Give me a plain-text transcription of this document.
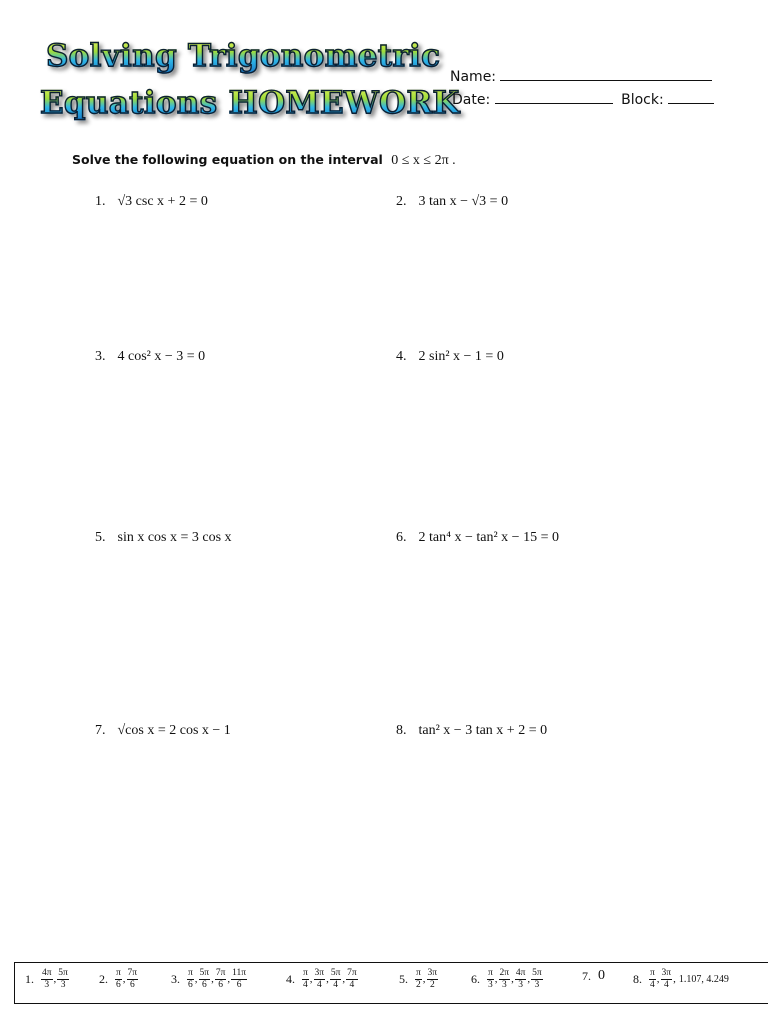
Solving Trigonometric
Equations HOMEWORK
Name:
Date:	Block:
Solve the following equation on the interval 0 ≤ x ≤ 2π .
1. √3 csc x + 2 = 0	2. 3 tan x − √3 = 0
3. 4 cos² x − 3 = 0	4. 2 sin² x − 1 = 0
5. sin x cos x = 3 cos x	6. 2 tan⁴ x − tan² x − 15 = 0
7. √cos x = 2 cos x − 1	8. tan² x − 3 tan x + 2 = 0
1. $\frac{4\pi}{3}$ , $\frac{5\pi}{3}$	2. $\frac{\pi}{6}$ , $\frac{7\pi}{6}$	3. $\frac{\pi}{6}$ , $\frac{5\pi}{6}$ , $\frac{7\pi}{6}$ , $\frac{11\pi}{6}$	4. $\frac{\pi}{4}$ , $\frac{3\pi}{4}$ , $\frac{5\pi}{4}$ , $\frac{7\pi}{4}$	5. $\frac{\pi}{2}$ , $\frac{3\pi}{2}$	6. $\frac{\pi}{3}$ , $\frac{2\pi}{3}$ , $\frac{4\pi}{3}$ , $\frac{5\pi}{3}$	7. 0 8. $\frac{\pi}{4}$ , $\frac{3\pi}{4}$ , 1.107, 4.249
